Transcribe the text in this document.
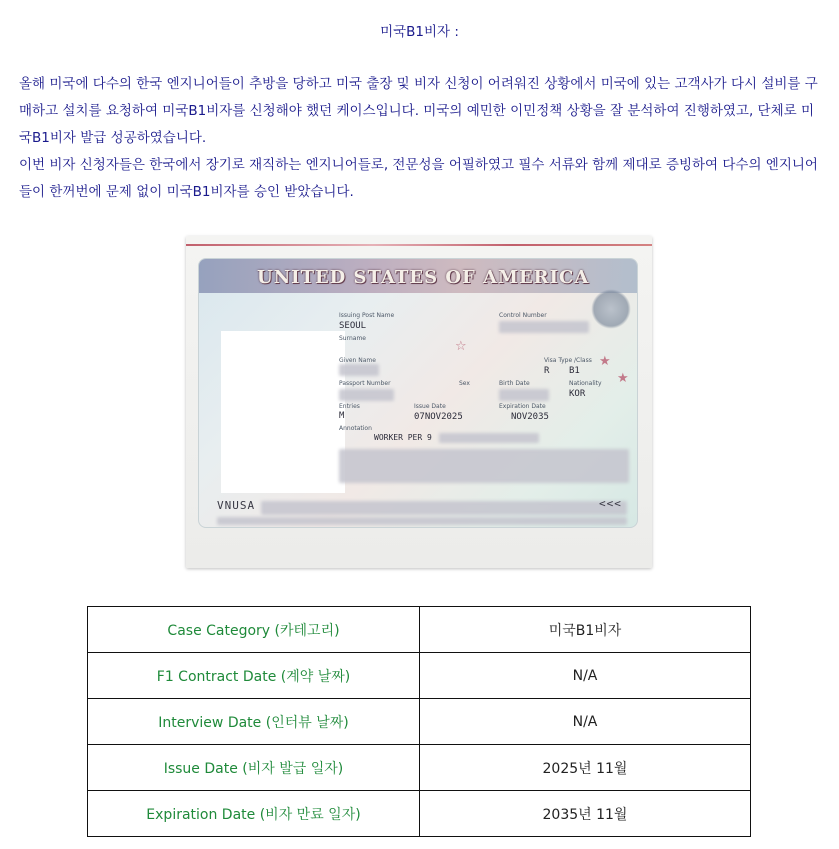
미국B1비자 :
올해 미국에 다수의 한국 엔지니어들이 추방을 당하고 미국 출장 및 비자 신청이 어려워진 상황에서 미국에 있는 고객사가 다시 설비를 구매하고 설치를 요청하여 미국B1비자를 신청해야 했던 케이스입니다. 미국의 예민한 이민정책 상황을 잘 분석하여 진행하였고, 단체로 미국B1비자 발급 성공하였습니다.
이번 비자 신청자들은 한국에서 장기로 재직하는 엔지니어들로, 전문성을 어필하였고 필수 서류와 함께 제대로 증빙하여 다수의 엔지니어들이 한꺼번에 문제 없이 미국B1비자를 승인 받았습니다.
UNITED STATES OF AMERICA
Issuing Post Name
SEOUL
Control Number
Surname
Given Name	Visa Type /Class
R B1
Passport Number	Sex	Birth Date	Nationality
KOR
Entries
M
Issue Date
07NOV2025
Expiration Date
NOV2035
Annotation
WORKER PER 9
☆
★
★
VNUSA	<<<
Case Category (카테고리)	미국B1비자
F1 Contract Date (계약 날짜)	N/A
Interview Date (인터뷰 날짜)	N/A
Issue Date (비자 발급 일자)	2025년 11월
Expiration Date (비자 만료 일자)	2035년 11월
